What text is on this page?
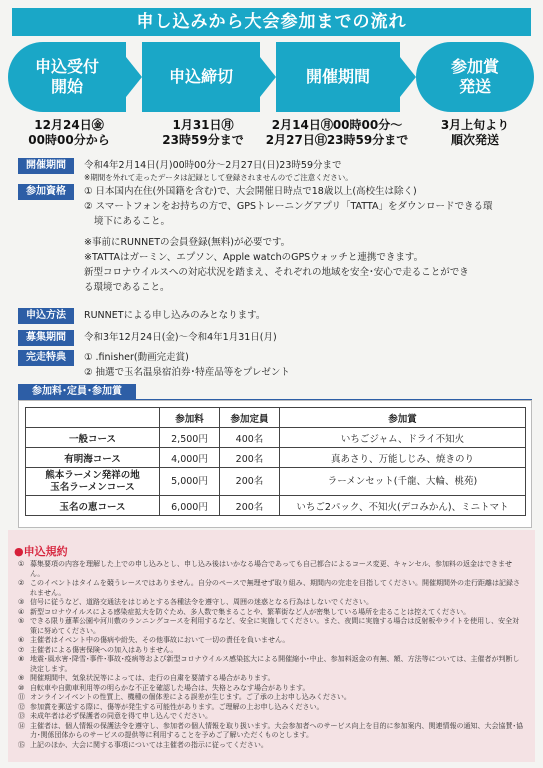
申し込みから大会参加までの流れ
申込受付
開始
申込締切	開催期間
参加賞
発送
12月24日㊎
00時00分から
1月31日㊊
23時59分まで
2月14日㊊00時00分～
2月27日㊐23時59分まで
3月上旬より
順次発送
開催期間	令和4年2月14日(月)00時00分～2月27日(日)23時59分まで
※期間を外れて走ったデータは記録として登録されませんのでご注意ください。
参加資格	① 日本国内在住(外国籍を含む)で、大会開催日時点で18歳以上(高校生は除く)
② スマートフォンをお持ちの方で、GPSトレーニングアプリ「TATTA」をダウンロードできる環
境下にあること。
※事前にRUNNETの会員登録(無料)が必要です。
※TATTAはガーミン、エプソン、Apple watchのGPSウォッチと連携できます。
新型コロナウイルスへの対応状況を踏まえ、それぞれの地域を安全･安心で走ることができ
る環境であること。
申込方法	RUNNETによる申し込みのみとなります。
募集期間	令和3年12月24日(金)～令和4年1月31日(月)
完走特典	① .finisher(動画完走賞)
② 抽選で玉名温泉宿泊券･特産品等をプレゼント
参加料･定員･参加賞
	参加料	参加定員	参加賞
一般コース	2,500円	400名	いちごジャム、ドライ不知火
有明海コース	4,000円	200名	真あさり、万能しじみ、焼きのり
熊本ラーメン発祥の地
玉名ラーメンコース	5,000円	200名	ラーメンセット(千龍、大輪、桃苑)
玉名の恵コース	6,000円	200名	いちご2パック、不知火(デコみかん)、ミニトマト
●申込規約
① 募集要項の内容を理解した上での申し込みとし、申し込み後はいかなる場合であっても自己都合によるコース変更、キャンセル、参加料の返金はできません。
② このイベントはタイムを競うレースではありません。自分のペースで無理せず取り組み、期間内の完走を目指してください。開催期間外の走行距離は記録されません。
③ 信号に従うなど、道路交通法をはじめとする各種法令を遵守し、周囲の迷惑となる行為はしないでください。
④ 新型コロナウイルスによる感染症拡大を防ぐため、多人数で集まることや、繁華街など人が密集している場所を走ることは控えてください。
⑤ できる限り蓮華公園や河川敷のランニングコースを利用するなど、安全に実施してください。また、夜間に実施する場合は反射板やライトを使用し、安全対策に努めてください。
⑥ 主催者はイベント中の傷病や紛失、その他事故において一切の責任を負いません。
⑦ 主催者による傷害保険への加入はありません。
⑧ 地震･風水害･降雪･事件･事故･疫病等および新型コロナウイルス感染拡大による開催縮小･中止、参加料返金の有無、額、方法等については、主催者が判断し決定します。
⑨ 開催期間中、気象状況等によっては、走行の自粛を要請する場合があります。
⑩ 自転車や自動車利用等の明らかな不正を確認した場合は、失格とみなす場合があります。
⑪ オンラインイベントの性質上、機種の個体差による誤差が生じます。ご了承の上お申し込みください。
⑫ 参加賞を郵送する際に、傷等が発生する可能性があります。ご理解の上お申し込みください。
⑬ 未成年者は必ず保護者の同意を得て申し込んでください。
⑭ 主催者は、個人情報の保護法令を遵守し、参加者の個人情報を取り扱います。大会参加者へのサービス向上を目的に参加案内、関連情報の通知、大会協賛･協力･関係団体からのサービスの提供等に利用することを予めご了解いただくものとします。
⑮ 上記のほか、大会に関する事項については主催者の指示に従ってください。
